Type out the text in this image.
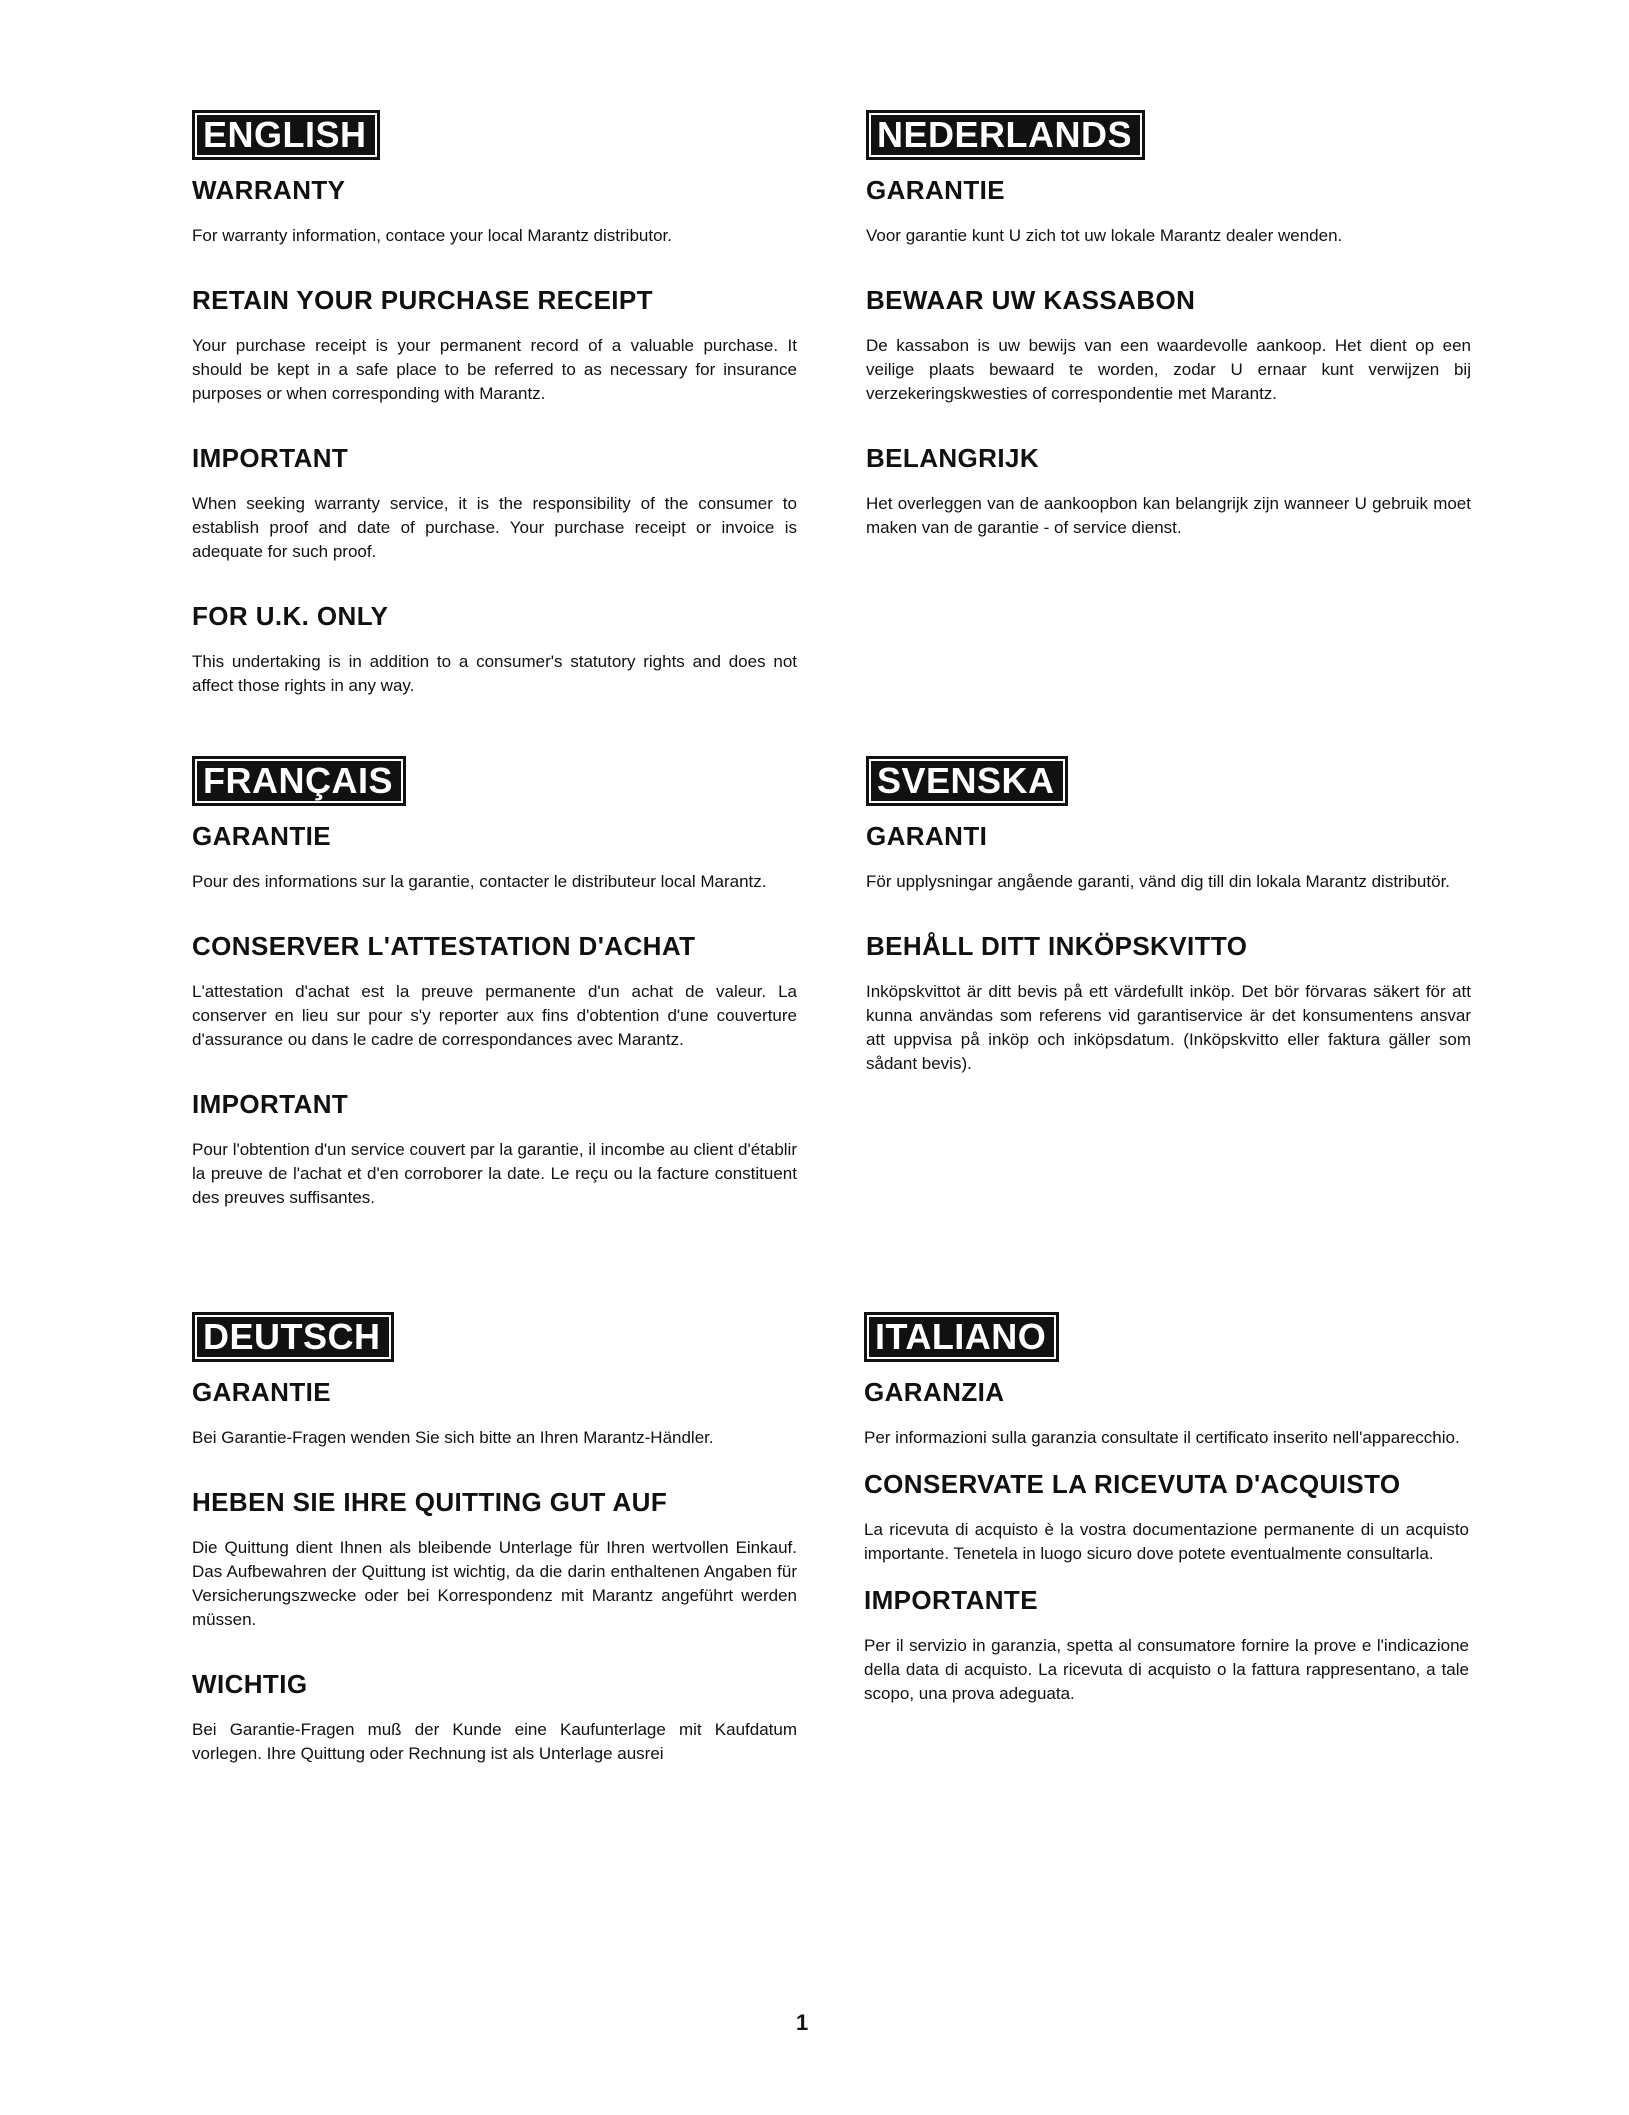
ENGLISH
WARRANTY

For warranty information, contace your local Marantz distributor.

RETAIN YOUR PURCHASE RECEIPT

Your purchase receipt is your permanent record of a valuable purchase. It should be kept in a safe place to be referred to as necessary for insurance purposes or when corresponding with Marantz.

IMPORTANT

When seeking warranty service, it is the responsibility of the consumer to establish proof and date of purchase. Your purchase receipt or invoice is adequate for such proof.

FOR U.K. ONLY

This undertaking is in addition to a consumer's statutory rights and does not affect those rights in any way.

NEDERLANDS
GARANTIE

Voor garantie kunt U zich tot uw lokale Marantz dealer wenden.

BEWAAR UW KASSABON

De kassabon is uw bewijs van een waardevolle aankoop. Het dient op een veilige plaats bewaard te worden, zodar U ernaar kunt verwijzen bij verzekeringskwesties of correspondentie met Marantz.

BELANGRIJK

Het overleggen van de aankoopbon kan belangrijk zijn wanneer U gebruik moet maken van de garantie - of service dienst.

FRANÇAIS
GARANTIE

Pour des informations sur la garantie, contacter le distributeur local Marantz.

CONSERVER L'ATTESTATION D'ACHAT

L'attestation d'achat est la preuve permanente d'un achat de valeur. La conserver en lieu sur pour s'y reporter aux fins d'obtention d'une couverture d'assurance ou dans le cadre de correspondances avec Marantz.

IMPORTANT

Pour l'obtention d'un service couvert par la garantie, il incombe au client d'établir la preuve de l'achat et d'en corroborer la date. Le reçu ou la facture constituent des preuves suffisantes.

SVENSKA
GARANTI

För upplysningar angående garanti, vänd dig till din lokala Marantz distributör.

BEHÅLL DITT INKÖPSKVITTO

Inköpskvittot är ditt bevis på ett värdefullt inköp. Det bör förvaras säkert för att kunna användas som referens vid garantiservice är det konsumentens ansvar att uppvisa på inköp och inköpsdatum. (Inköpskvitto eller faktura gäller som sådant bevis).

DEUTSCH
GARANTIE

Bei Garantie-Fragen wenden Sie sich bitte an Ihren Marantz-Händler.

HEBEN SIE IHRE QUITTING GUT AUF

Die Quittung dient Ihnen als bleibende Unterlage für Ihren wertvollen Einkauf. Das Aufbewahren der Quittung ist wichtig, da die darin enthaltenen Angaben für Versicherungszwecke oder bei Korrespondenz mit Marantz angeführt werden müssen.

WICHTIG

Bei Garantie-Fragen muß der Kunde eine Kaufunterlage mit Kaufdatum vorlegen. Ihre Quittung oder Rechnung ist als Unterlage ausrei

ITALIANO
GARANZIA

Per informazioni sulla garanzia consultate il certificato inserito nell'apparecchio.

CONSERVATE LA RICEVUTA D'ACQUISTO

La ricevuta di acquisto è la vostra documentazione permanente di un acquisto importante. Tenetela in luogo sicuro dove potete eventualmente consultarla.

IMPORTANTE

Per il servizio in garanzia, spetta al consumatore fornire la prove e l'indicazione della data di acquisto. La ricevuta di acquisto o la fattura rappresentano, a tale scopo, una prova adeguata.

1
